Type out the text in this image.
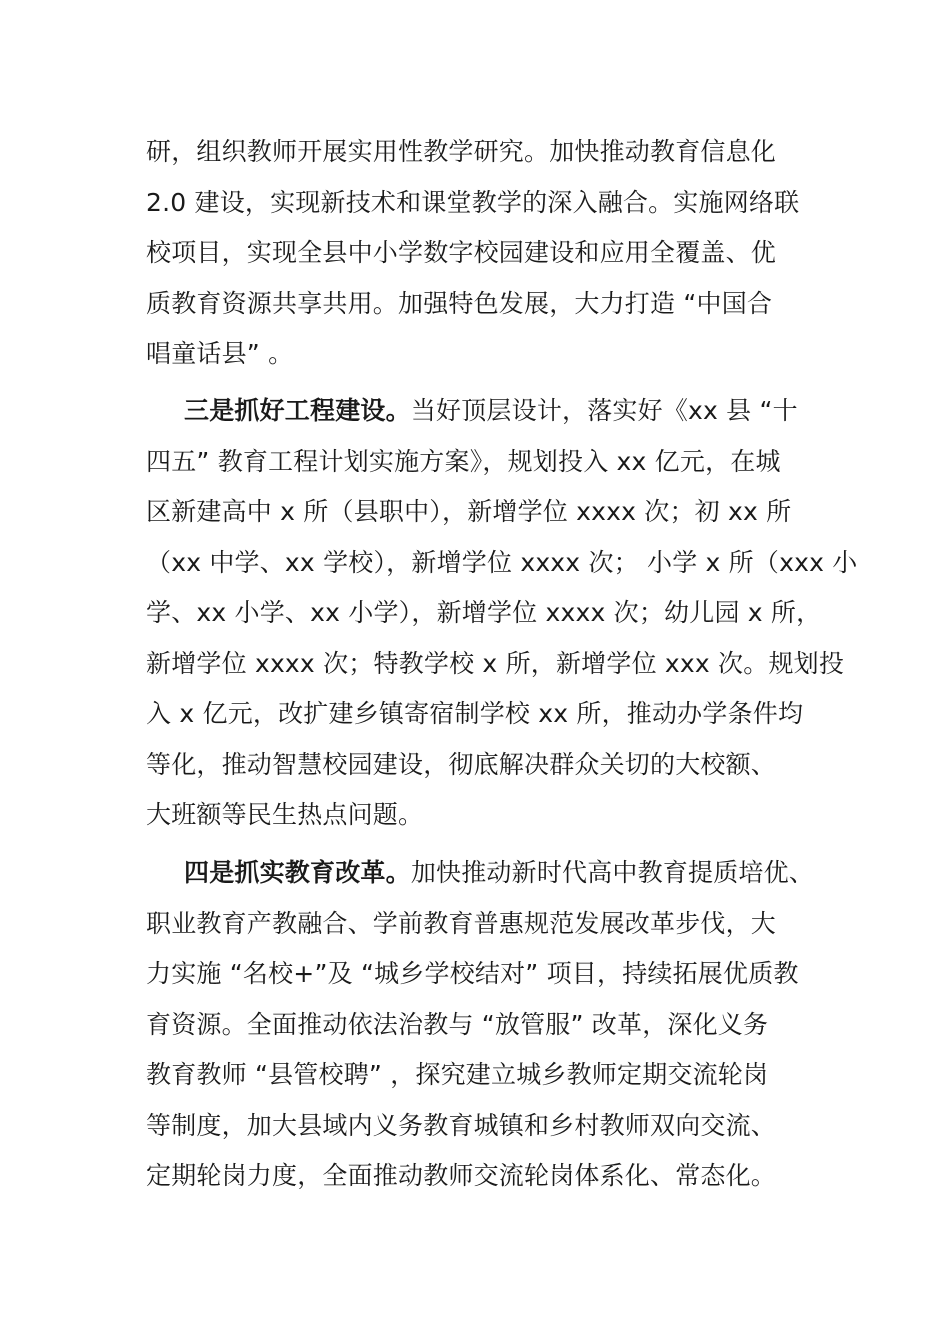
研，组织教师开展实用性教学研究。加快推动教育信息化
2.0 建设，实现新技术和课堂教学的深入融合。实施网络联
校项目，实现全县中小学数字校园建设和应用全覆盖、优
质教育资源共享共用。加强特色发展，大力打造 “中国合
唱童话县” 。
三是抓好工程建设。当好顶层设计，落实好《xx 县 “十
四五” 教育工程计划实施方案》，规划投入 xx 亿元，在城
区新建高中 x 所（县职中），新增学位 xxxx 次；初 xx 所
（xx 中学、xx 学校），新增学位 xxxx 次； 小学 x 所（xxx 小
学、xx 小学、xx 小学），新增学位 xxxx 次；幼儿园 x 所，
新增学位 xxxx 次；特教学校 x 所，新增学位 xxx 次。规划投
入 x 亿元，改扩建乡镇寄宿制学校 xx 所，推动办学条件均
等化，推动智慧校园建设，彻底解决群众关切的大校额、
大班额等民生热点问题。
四是抓实教育改革。加快推动新时代高中教育提质培优、
职业教育产教融合、学前教育普惠规范发展改革步伐，大
力实施 “名校+”及 “城乡学校结对” 项目，持续拓展优质教
育资源。全面推动依法治教与 “放管服” 改革，深化义务
教育教师 “县管校聘” ，探究建立城乡教师定期交流轮岗
等制度，加大县域内义务教育城镇和乡村教师双向交流、
定期轮岗力度，全面推动教师交流轮岗体系化、常态化。
